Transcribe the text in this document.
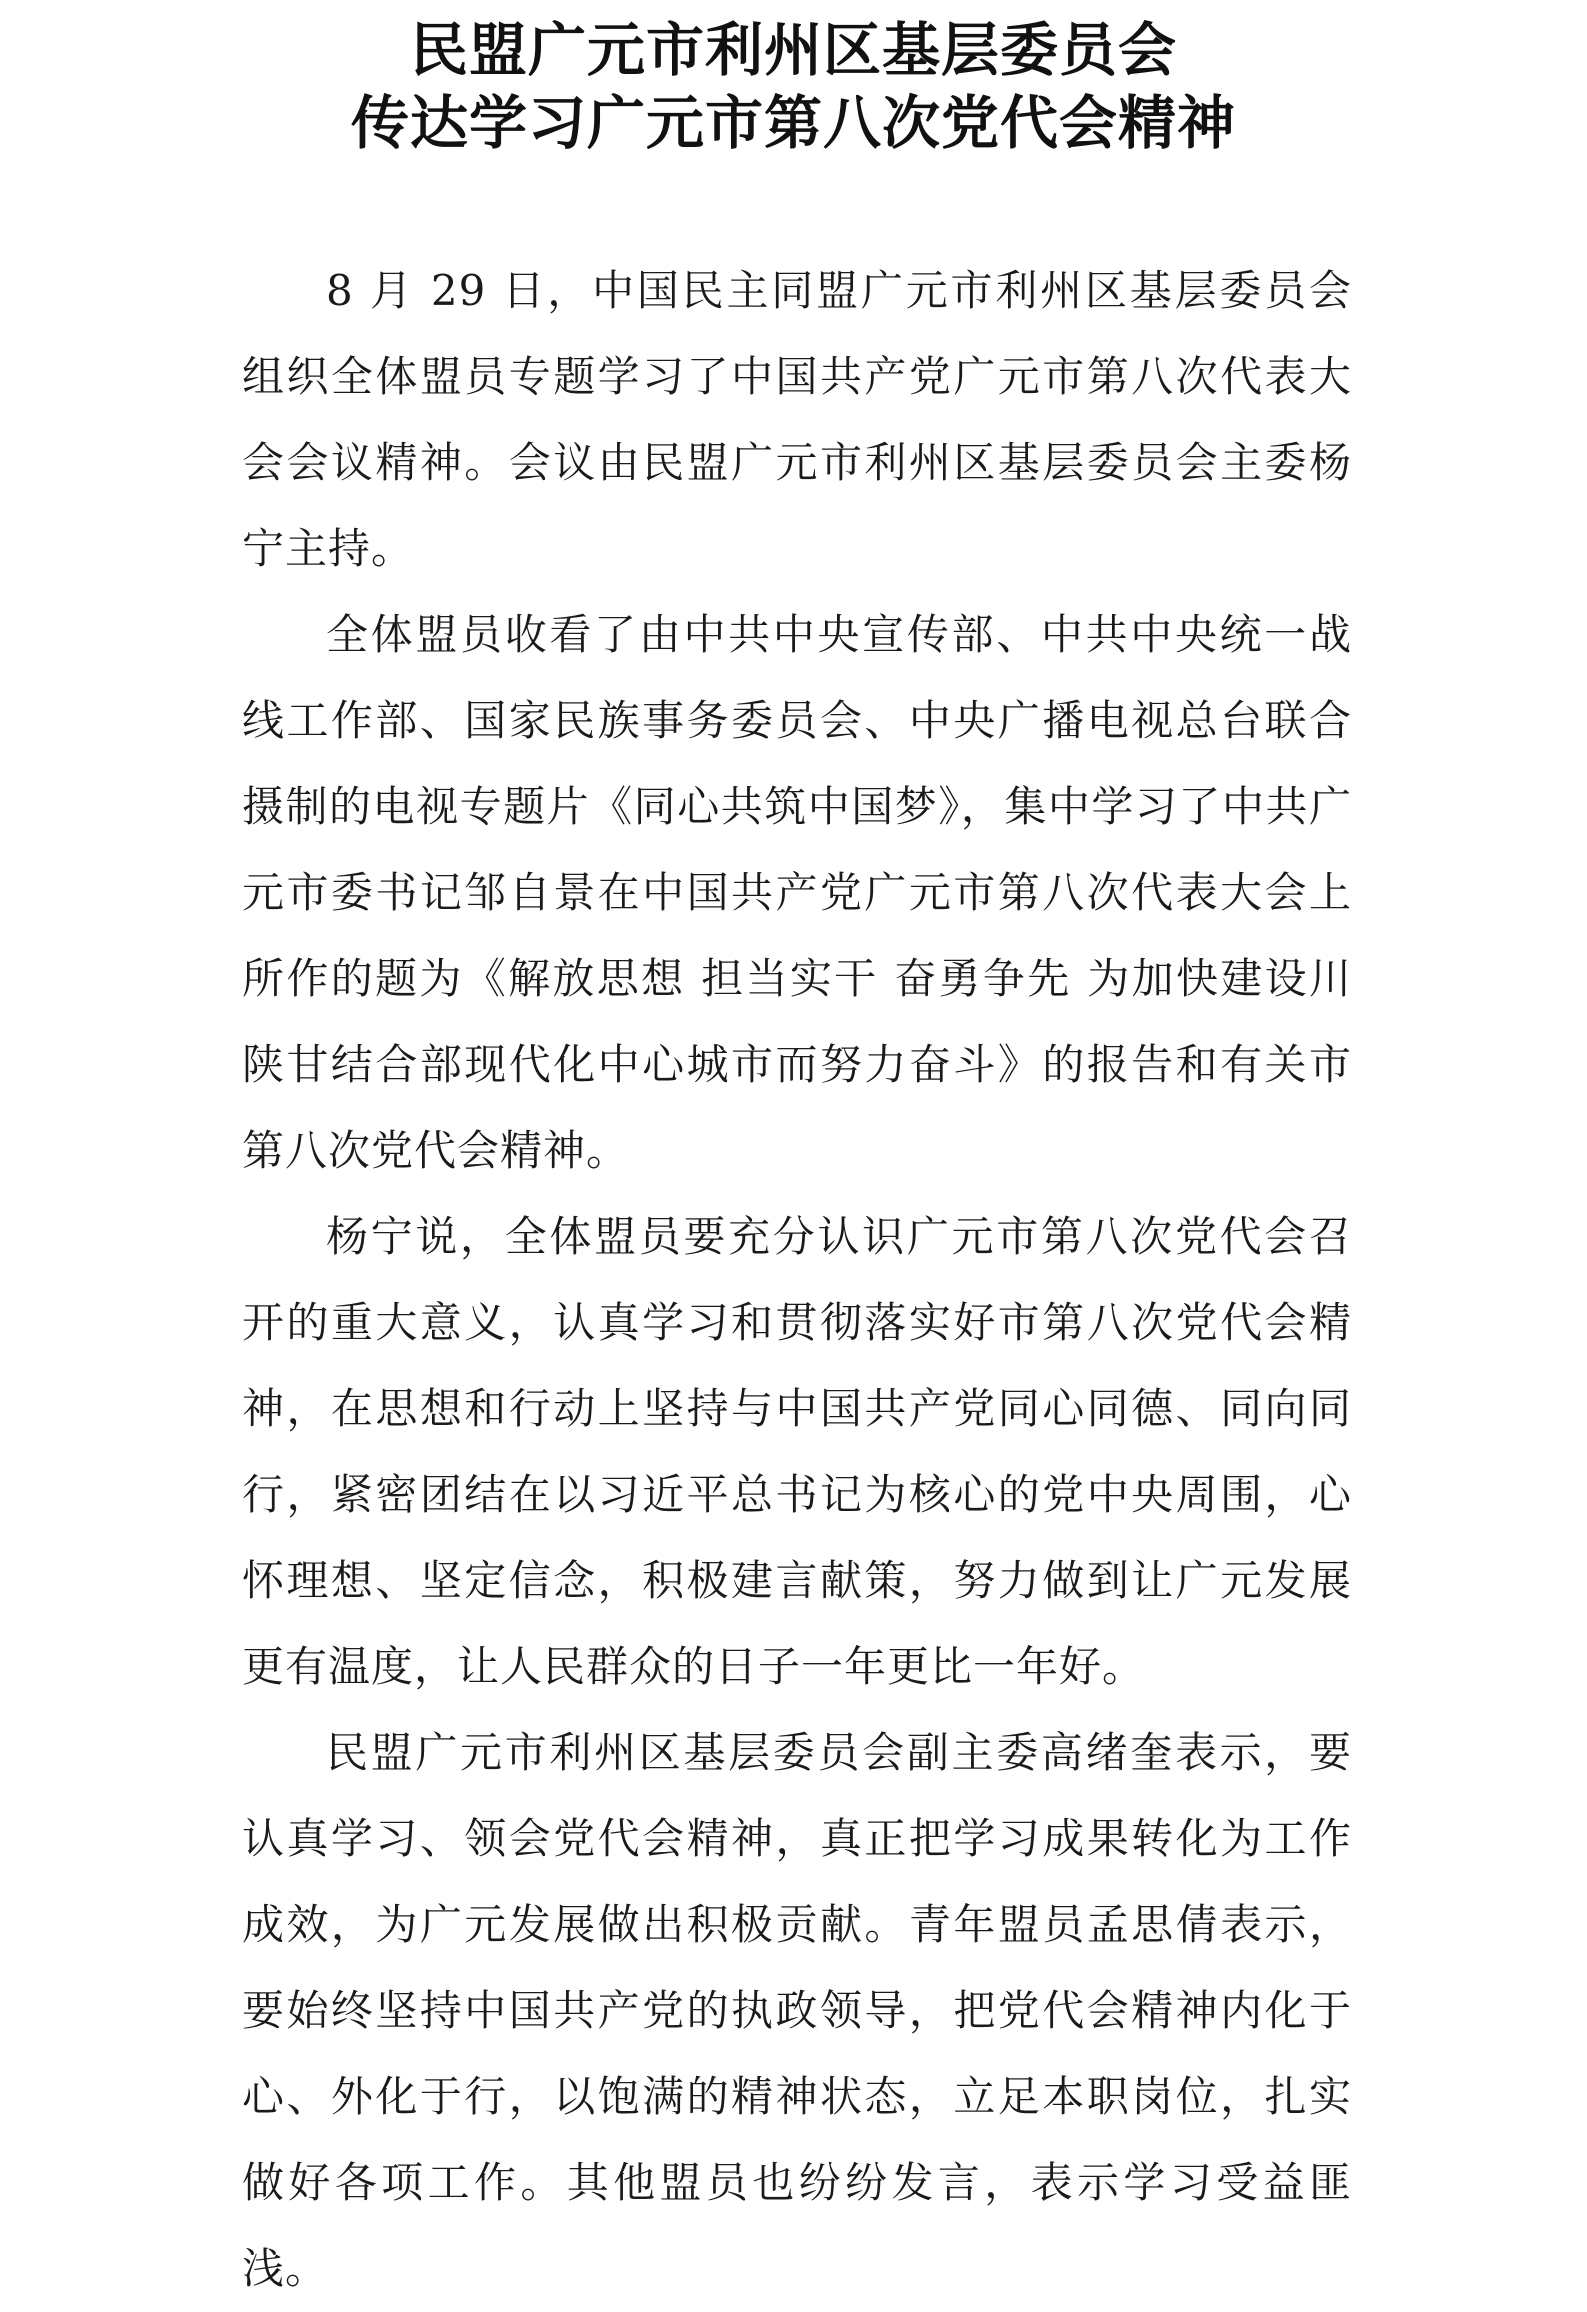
民盟广元市利州区基层委员会
传达学习广元市第八次党代会精神

8 月 29 日，中国民主同盟广元市利州区基层委员会组织全体盟员专题学习了中国共产党广元市第八次代表大会会议精神。会议由民盟广元市利州区基层委员会主委杨宁主持。

全体盟员收看了由中共中央宣传部、中共中央统一战线工作部、国家民族事务委员会、中央广播电视总台联合摄制的电视专题片《同心共筑中国梦》，集中学习了中共广元市委书记邹自景在中国共产党广元市第八次代表大会上所作的题为《解放思想 担当实干 奋勇争先 为加快建设川陕甘结合部现代化中心城市而努力奋斗》的报告和有关市第八次党代会精神。

杨宁说，全体盟员要充分认识广元市第八次党代会召开的重大意义，认真学习和贯彻落实好市第八次党代会精神，在思想和行动上坚持与中国共产党同心同德、同向同行，紧密团结在以习近平总书记为核心的党中央周围，心怀理想、坚定信念，积极建言献策，努力做到让广元发展更有温度，让人民群众的日子一年更比一年好。

民盟广元市利州区基层委员会副主委高绪奎表示，要认真学习、领会党代会精神，真正把学习成果转化为工作成效，为广元发展做出积极贡献。青年盟员孟思倩表示，要始终坚持中国共产党的执政领导，把党代会精神内化于心、外化于行，以饱满的精神状态，立足本职岗位，扎实做好各项工作。其他盟员也纷纷发言，表示学习受益匪浅。
